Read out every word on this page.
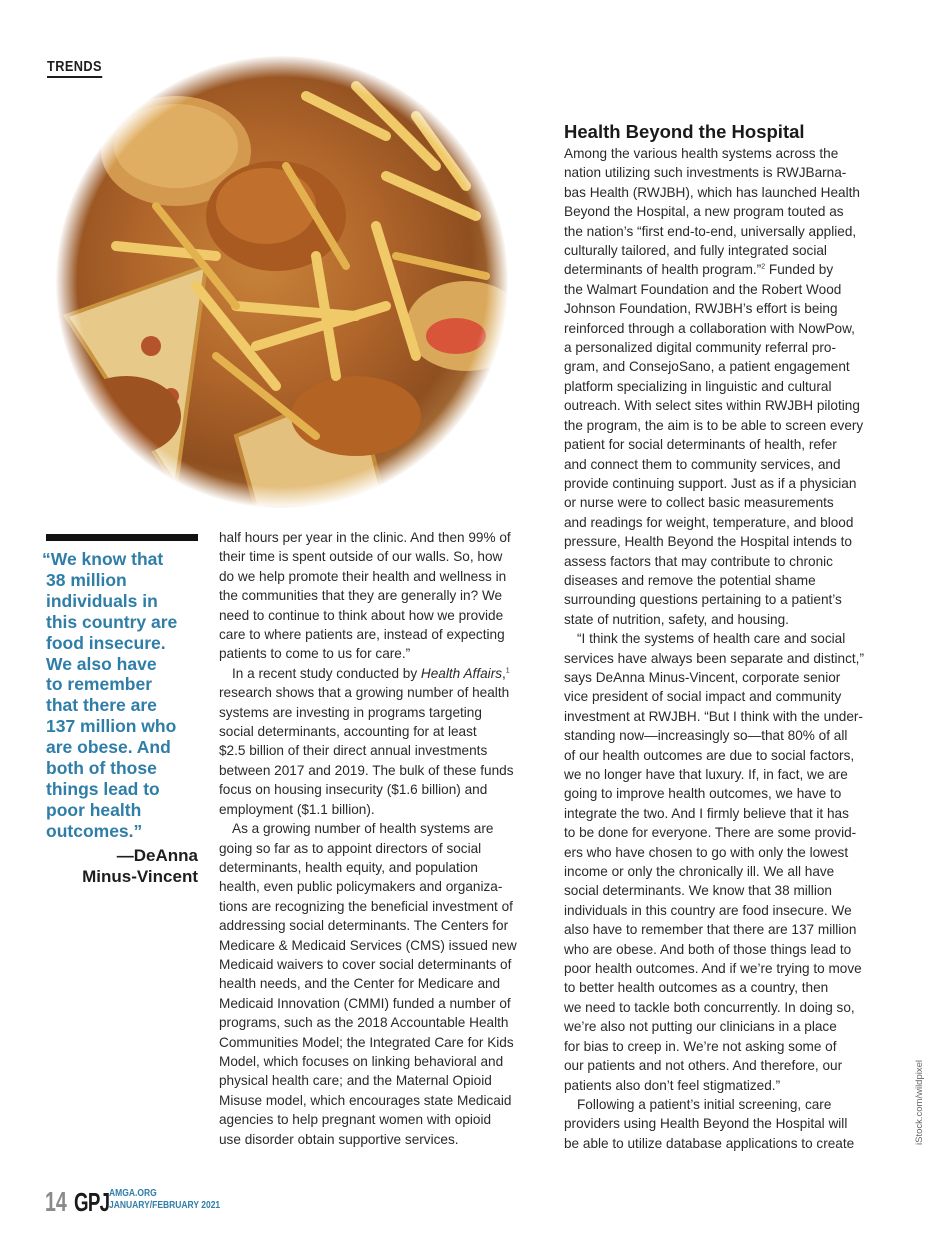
TRENDS
“We know that
38 million
individuals in
this country are
food insecure.
We also have
to remember
that there are
137 million who
are obese. And
both of those
things lead to
poor health
outcomes.”
—DeAnna
Minus-Vincent
half hours per year in the clinic. And then 99% of
their time is spent outside of our walls. So, how
do we help promote their health and wellness in
the communities that they are generally in? We
need to continue to think about how we provide
care to where patients are, instead of expecting
patients to come to us for care.”
In a recent study conducted by Health Affairs,$^1$
research shows that a growing number of health
systems are investing in programs targeting
social determinants, accounting for at least
$2.5 billion of their direct annual investments
between 2017 and 2019. The bulk of these funds
focus on housing insecurity ($1.6 billion) and
employment ($1.1 billion).
As a growing number of health systems are
going so far as to appoint directors of social
determinants, health equity, and population
health, even public policymakers and organiza-
tions are recognizing the beneficial investment of
addressing social determinants. The Centers for
Medicare & Medicaid Services (CMS) issued new
Medicaid waivers to cover social determinants of
health needs, and the Center for Medicare and
Medicaid Innovation (CMMI) funded a number of
programs, such as the 2018 Accountable Health
Communities Model; the Integrated Care for Kids
Model, which focuses on linking behavioral and
physical health care; and the Maternal Opioid
Misuse model, which encourages state Medicaid
agencies to help pregnant women with opioid
use disorder obtain supportive services.
Health Beyond the Hospital
Among the various health systems across the
nation utilizing such investments is RWJBarna-
bas Health (RWJBH), which has launched Health
Beyond the Hospital, a new program touted as
the nation’s “first end-to-end, universally applied,
culturally tailored, and fully integrated social
determinants of health program.”$^2$ Funded by
the Walmart Foundation and the Robert Wood
Johnson Foundation, RWJBH’s effort is being
reinforced through a collaboration with NowPow,
a personalized digital community referral pro-
gram, and ConsejoSano, a patient engagement
platform specializing in linguistic and cultural
outreach. With select sites within RWJBH piloting
the program, the aim is to be able to screen every
patient for social determinants of health, refer
and connect them to community services, and
provide continuing support. Just as if a physician
or nurse were to collect basic measurements
and readings for weight, temperature, and blood
pressure, Health Beyond the Hospital intends to
assess factors that may contribute to chronic
diseases and remove the potential shame
surrounding questions pertaining to a patient’s
state of nutrition, safety, and housing.
“I think the systems of health care and social
services have always been separate and distinct,”
says DeAnna Minus-Vincent, corporate senior
vice president of social impact and community
investment at RWJBH. “But I think with the under-
standing now—increasingly so—that 80% of all
of our health outcomes are due to social factors,
we no longer have that luxury. If, in fact, we are
going to improve health outcomes, we have to
integrate the two. And I firmly believe that it has
to be done for everyone. There are some provid-
ers who have chosen to go with only the lowest
income or only the chronically ill. We all have
social determinants. We know that 38 million
individuals in this country are food insecure. We
also have to remember that there are 137 million
who are obese. And both of those things lead to
poor health outcomes. And if we’re trying to move
to better health outcomes as a country, then
we need to tackle both concurrently. In doing so,
we’re also not putting our clinicians in a place
for bias to creep in. We’re not asking some of
our patients and not others. And therefore, our
patients also don’t feel stigmatized.”
Following a patient’s initial screening, care
providers using Health Beyond the Hospital will
be able to utilize database applications to create	iStock.com/wildpixel
14 GPJ AMGA.ORG
JANUARY/FEBRUARY 2021
